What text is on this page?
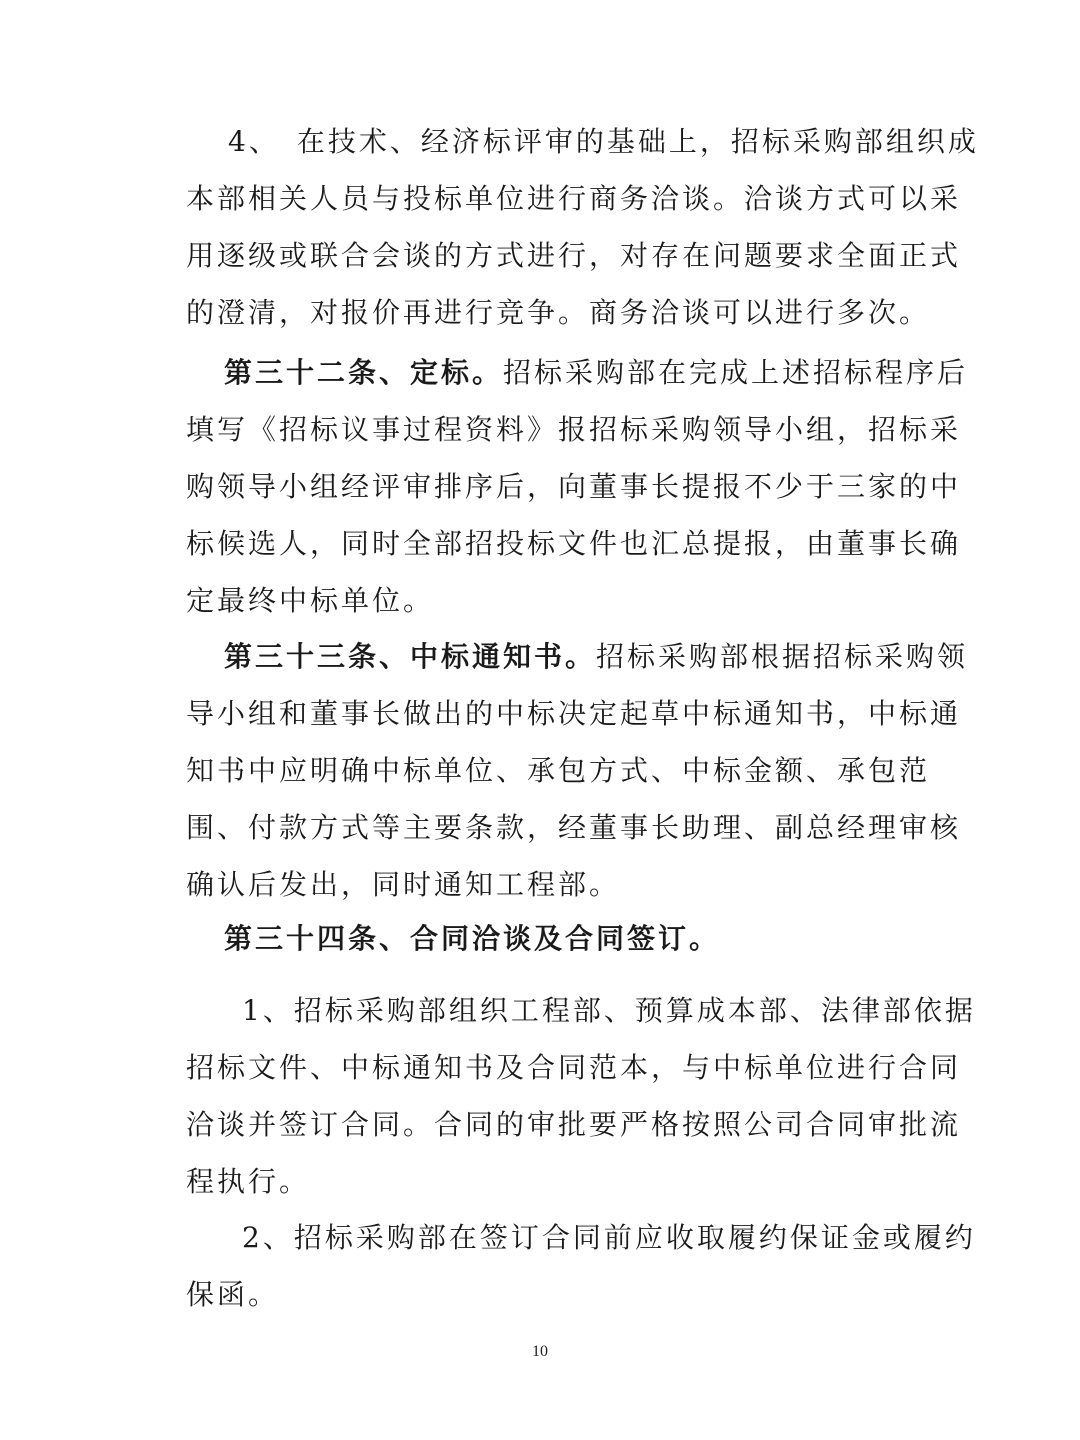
4、　在技术、经济标评审的基础上，招标采购部组织成
本部相关人员与投标单位进行商务洽谈。洽谈方式可以采
用逐级或联合会谈的方式进行，对存在问题要求全面正式
的澄清，对报价再进行竞争。商务洽谈可以进行多次。

第三十二条、定标。招标采购部在完成上述招标程序后
填写《招标议事过程资料》报招标采购领导小组，招标采
购领导小组经评审排序后，向董事长提报不少于三家的中
标候选人，同时全部招投标文件也汇总提报，由董事长确
定最终中标单位。

第三十三条、中标通知书。招标采购部根据招标采购领
导小组和董事长做出的中标决定起草中标通知书，中标通
知书中应明确中标单位、承包方式、中标金额、承包范
围、付款方式等主要条款，经董事长助理、副总经理审核
确认后发出，同时通知工程部。

第三十四条、合同洽谈及合同签订。

1、招标采购部组织工程部、预算成本部、法律部依据
招标文件、中标通知书及合同范本，与中标单位进行合同
洽谈并签订合同。合同的审批要严格按照公司合同审批流
程执行。

2、招标采购部在签订合同前应收取履约保证金或履约
保函。

10
